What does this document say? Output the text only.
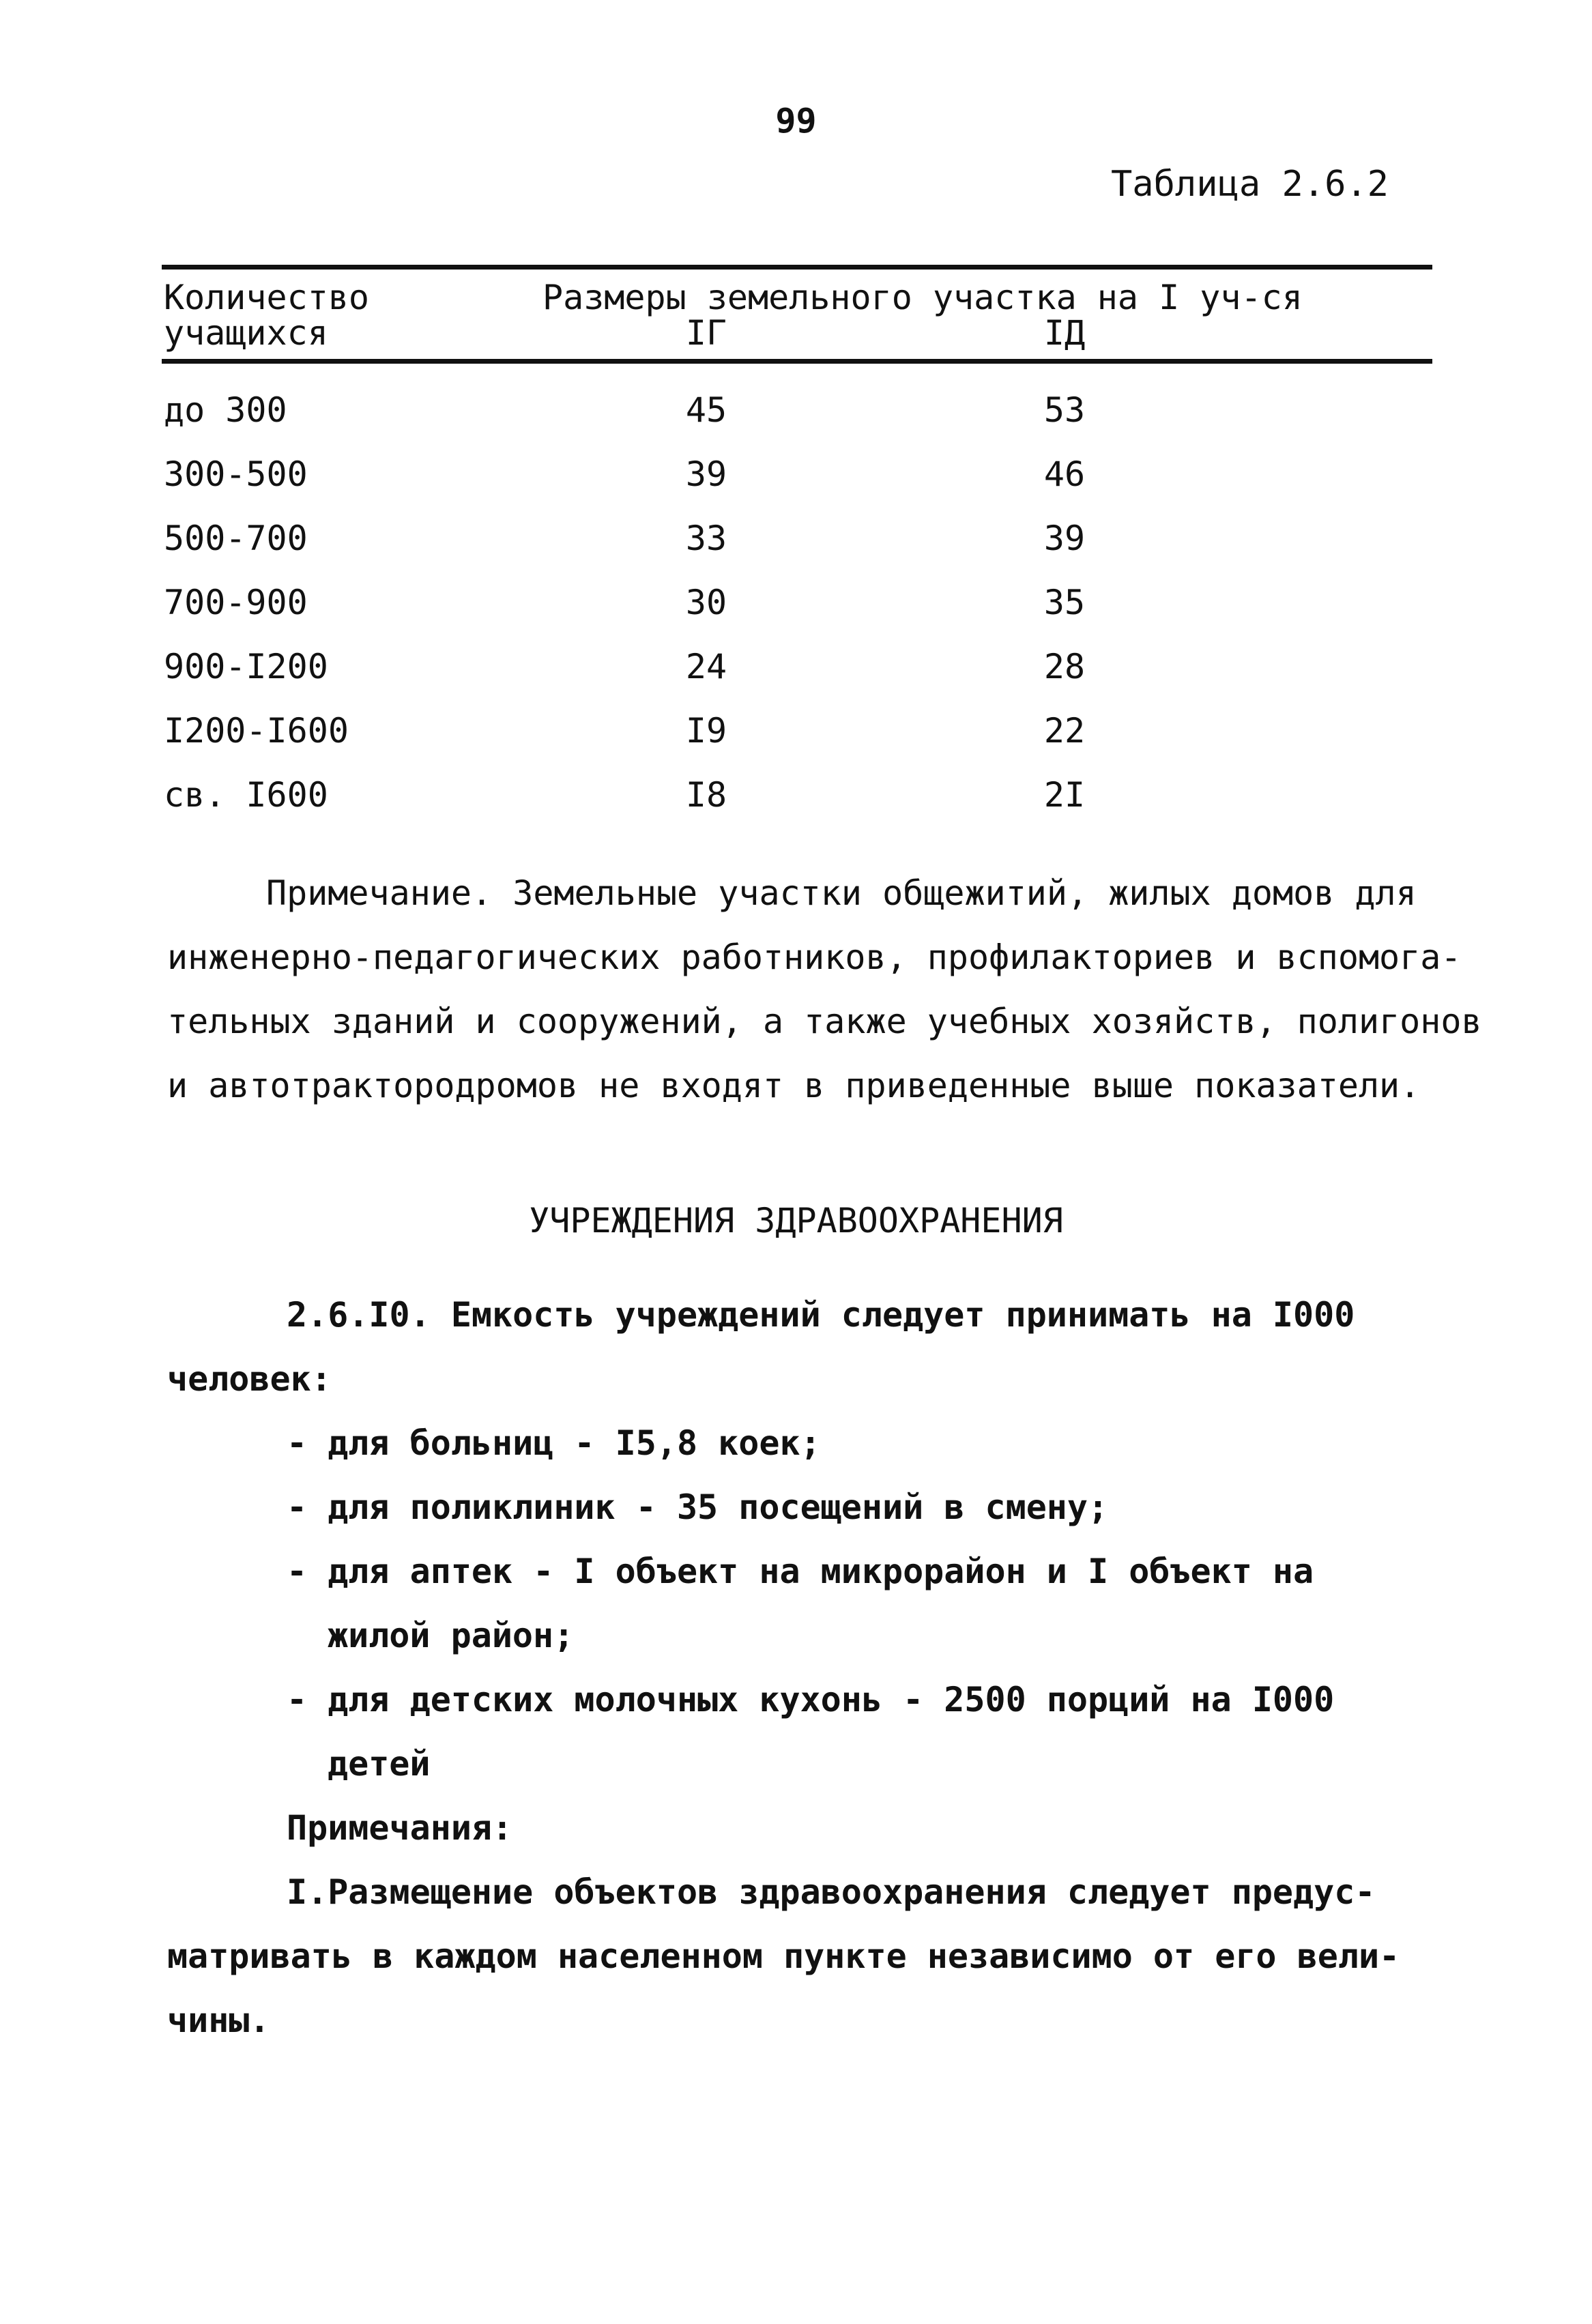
99
Таблица 2.6.2
Количество
учащихся
Размеры земельного участка на I уч-ся
IГ	IД
до 300	45	53
300-500	39	46
500-700	33	39
700-900	30	35
900-I200	24	28
I200-I600	I9	22
св. I600	I8	2I
Примечание. Земельные участки общежитий, жилых домов для
инженерно-педагогических работников, профилакториев и вспомога-
тельных зданий и сооружений, а также учебных хозяйств, полигонов
и автотрактородромов не входят в приведенные выше показатели.
УЧРЕЖДЕНИЯ ЗДРАВООХРАНЕНИЯ
2.6.I0. Емкость учреждений следует принимать на I000
человек:
- для больниц - I5,8 коек;
- для поликлиник - 35 посещений в смену;
- для аптек - I объект на микрорайон и I объект на
жилой район;
- для детских молочных кухонь - 2500 порций на I000
детей
Примечания:
I.Размещение объектов здравоохранения следует предус-
матривать в каждом населенном пункте независимо от его вели-
чины.
